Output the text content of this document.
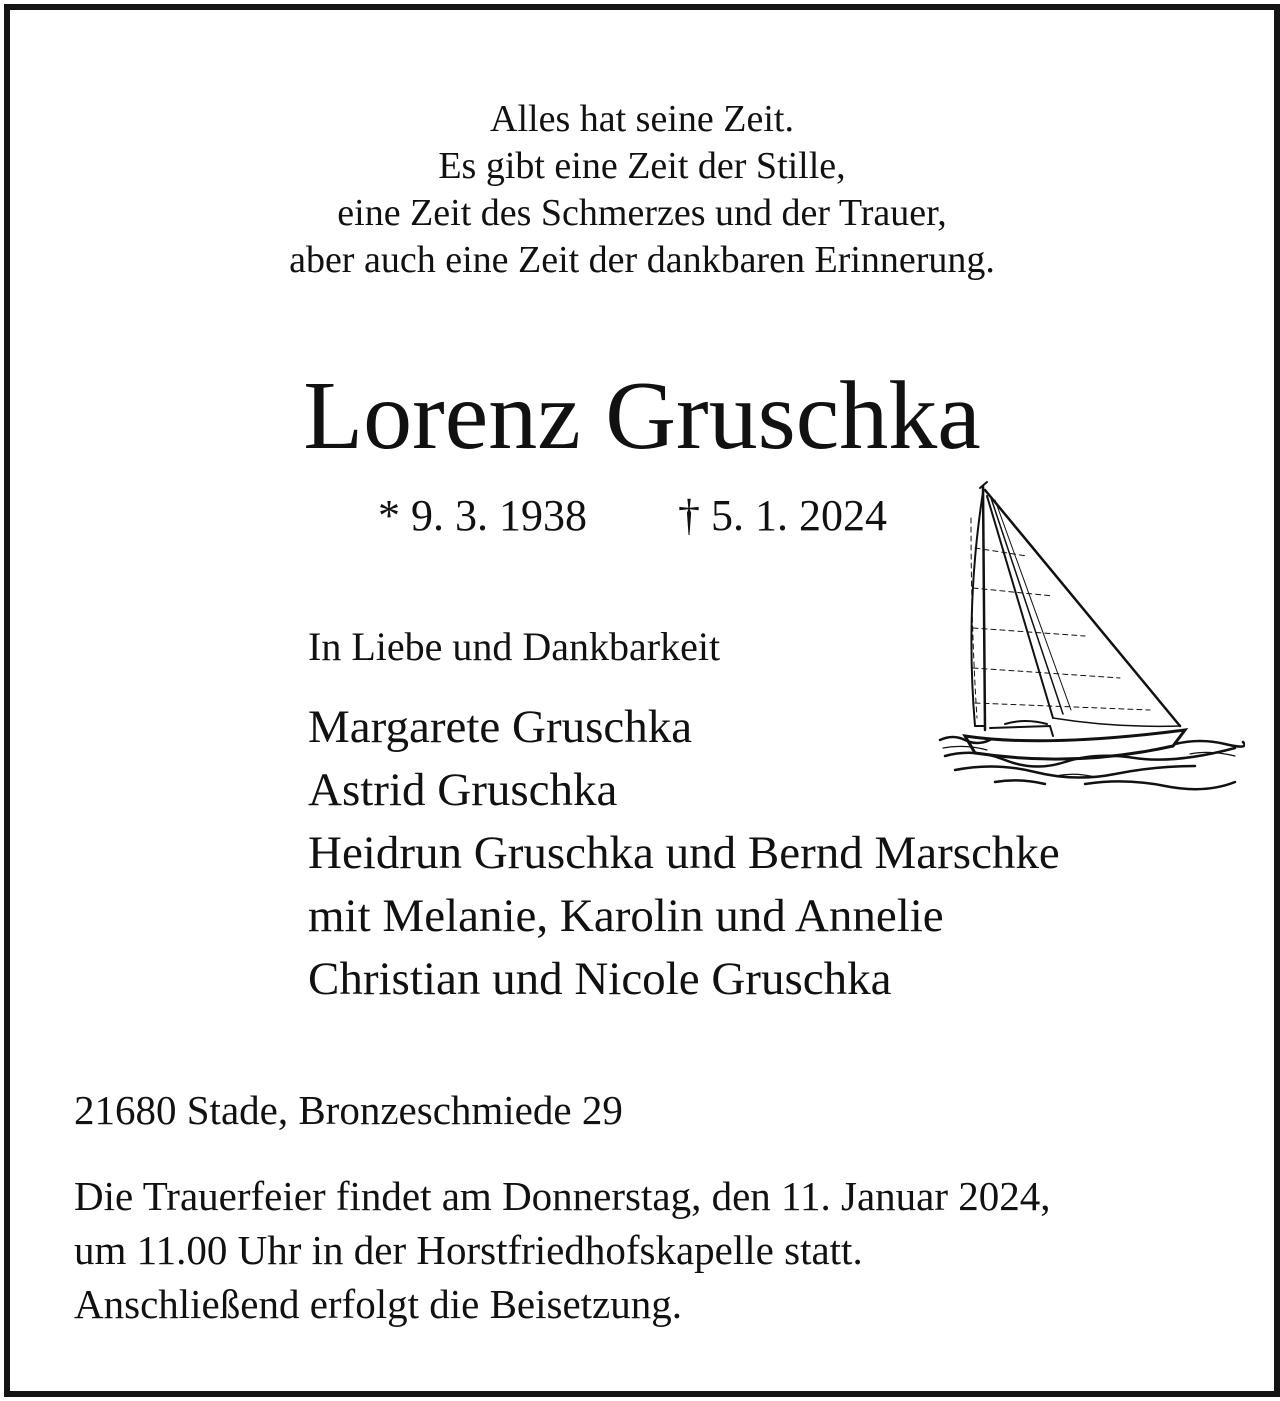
Alles hat seine Zeit.

Es gibt eine Zeit der Stille,

eine Zeit des Schmerzes und der Trauer,

aber auch eine Zeit der dankbaren Erinnerung.

Lorenz Gruschka

* 9. 3. 1938 † 5. 1. 2024

In Liebe und Dankbarkeit

Margarete Gruschka

Astrid Gruschka

Heidrun Gruschka und Bernd Marschke

mit Melanie, Karolin und Annelie

Christian und Nicole Gruschka

21680 Stade, Bronzeschmiede 29

Die Trauerfeier findet am Donnerstag, den 11. Januar 2024,

um 11.00 Uhr in der Horstfriedhofskapelle statt.

Anschließend erfolgt die Beisetzung.
